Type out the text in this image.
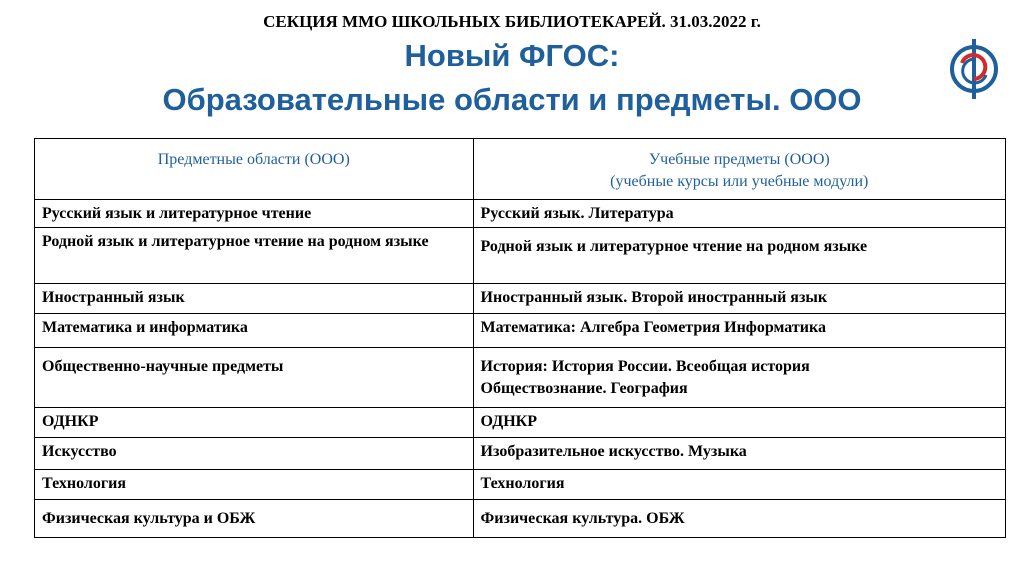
СЕКЦИЯ ММО ШКОЛЬНЫХ БИБЛИОТЕКАРЕЙ. 31.03.2022 г.
Новый ФГОС:
Образовательные области и предметы. ООО
Предметные области (ООО)	Учебные предметы (ООО)
(учебные курсы или учебные модули)

Русский язык и литературное чтение	Русский язык. Литература
Родной язык и литературное чтение на родном языке	Родной язык и литературное чтение на родном языке
Иностранный язык	Иностранный язык. Второй иностранный язык
Математика и информатика	Математика: Алгебра Геометрия Информатика
Общественно-научные предметы	История: История России. Всеобщая история
Обществознание. География

ОДНКР	ОДНКР
Искусство	Изобразительное искусство. Музыка
Технология	Технология
Физическая культура и ОБЖ	Физическая культура. ОБЖ
